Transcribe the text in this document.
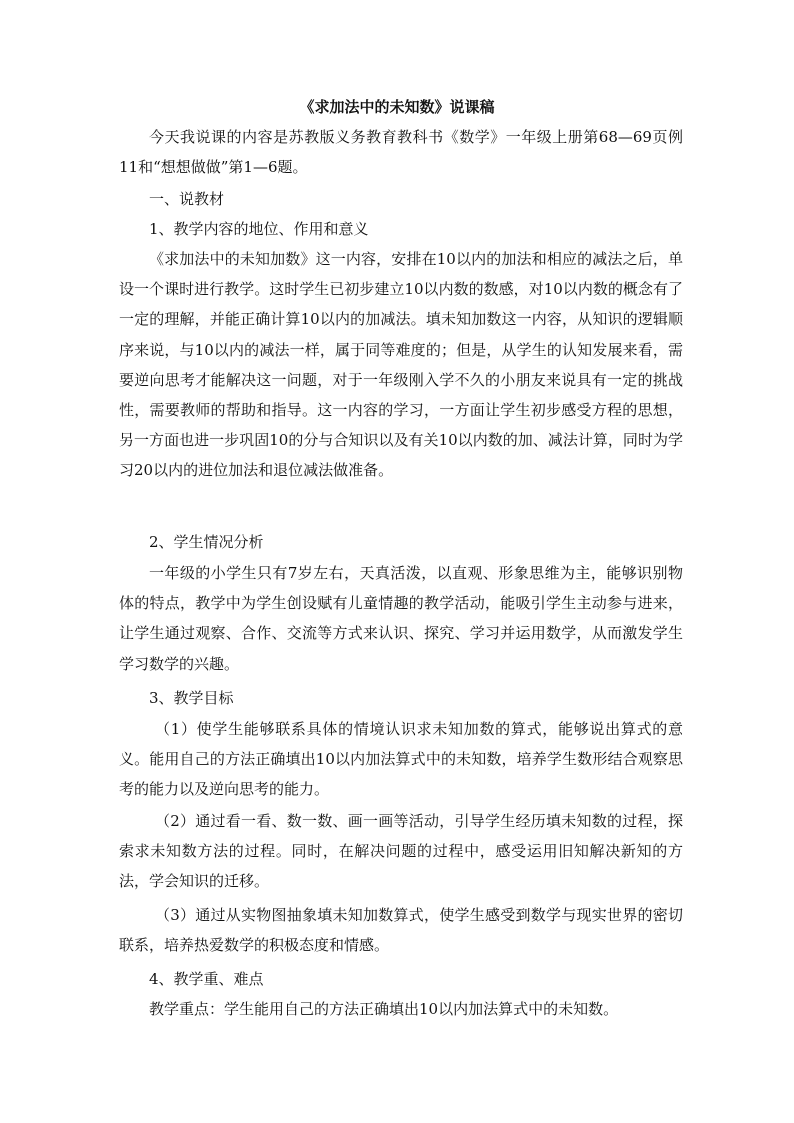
《求加法中的未知数》说课稿
今天我说课的内容是苏教版义务教育教科书《数学》一年级上册第68—69页例11和“想想做做”第1—6题。
一、说教材
1、教学内容的地位、作用和意义
《求加法中的未知加数》这一内容，安排在10以内的加法和相应的减法之后，单设一个课时进行教学。这时学生已初步建立10以内数的数感，对10以内数的概念有了一定的理解，并能正确计算10以内的加减法。填未知加数这一内容，从知识的逻辑顺序来说，与10以内的减法一样，属于同等难度的；但是，从学生的认知发展来看，需要逆向思考才能解决这一问题，对于一年级刚入学不久的小朋友来说具有一定的挑战性，需要教师的帮助和指导。这一内容的学习，一方面让学生初步感受方程的思想，另一方面也进一步巩固10的分与合知识以及有关10以内数的加、减法计算，同时为学习20以内的进位加法和退位减法做准备。
2、学生情况分析
一年级的小学生只有7岁左右，天真活泼，以直观、形象思维为主，能够识别物体的特点，教学中为学生创设赋有儿童情趣的教学活动，能吸引学生主动参与进来，让学生通过观察、合作、交流等方式来认识、探究、学习并运用数学，从而激发学生学习数学的兴趣。
3、教学目标
（1）使学生能够联系具体的情境认识求未知加数的算式，能够说出算式的意义。能用自己的方法正确填出10以内加法算式中的未知数，培养学生数形结合观察思考的能力以及逆向思考的能力。
（2）通过看一看、数一数、画一画等活动，引导学生经历填未知数的过程，探索求未知数方法的过程。同时，在解决问题的过程中，感受运用旧知解决新知的方法，学会知识的迁移。
（3）通过从实物图抽象填未知加数算式，使学生感受到数学与现实世界的密切联系，培养热爱数学的积极态度和情感。
4、教学重、难点
教学重点：学生能用自己的方法正确填出10以内加法算式中的未知数。
